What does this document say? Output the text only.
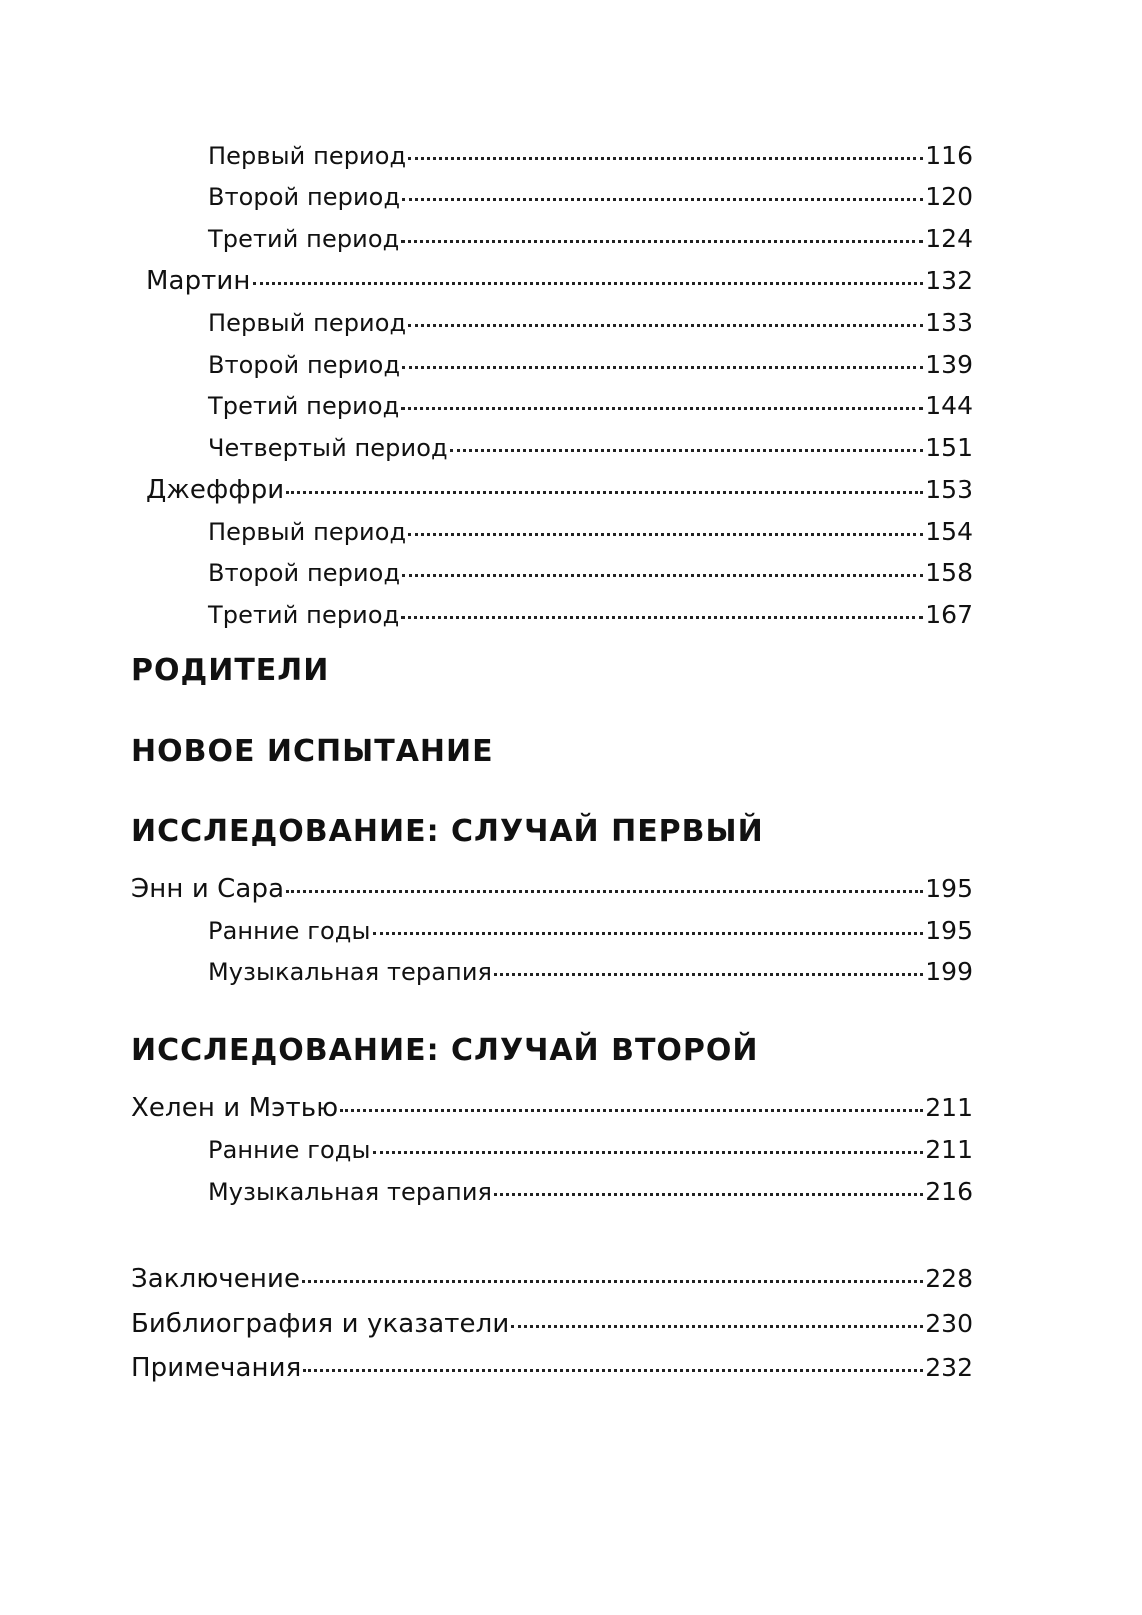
Первый период	116
Второй период	120
Третий период	124
Мартин	132
Первый период	133
Второй период	139
Третий период	144
Четвертый период	151
Джеффри	153
Первый период	154
Второй период	158
Третий период	167
РОДИТЕЛИ
НОВОЕ ИСПЫТАНИЕ
ИССЛЕДОВАНИЕ: СЛУЧАЙ ПЕРВЫЙ
Энн и Сара	195
Ранние годы	195
Музыкальная терапия	199
ИССЛЕДОВАНИЕ: СЛУЧАЙ ВТОРОЙ
Хелен и Мэтью	211
Ранние годы	211
Музыкальная терапия	216
Заключение	228
Библиография и указатели	230
Примечания	232
